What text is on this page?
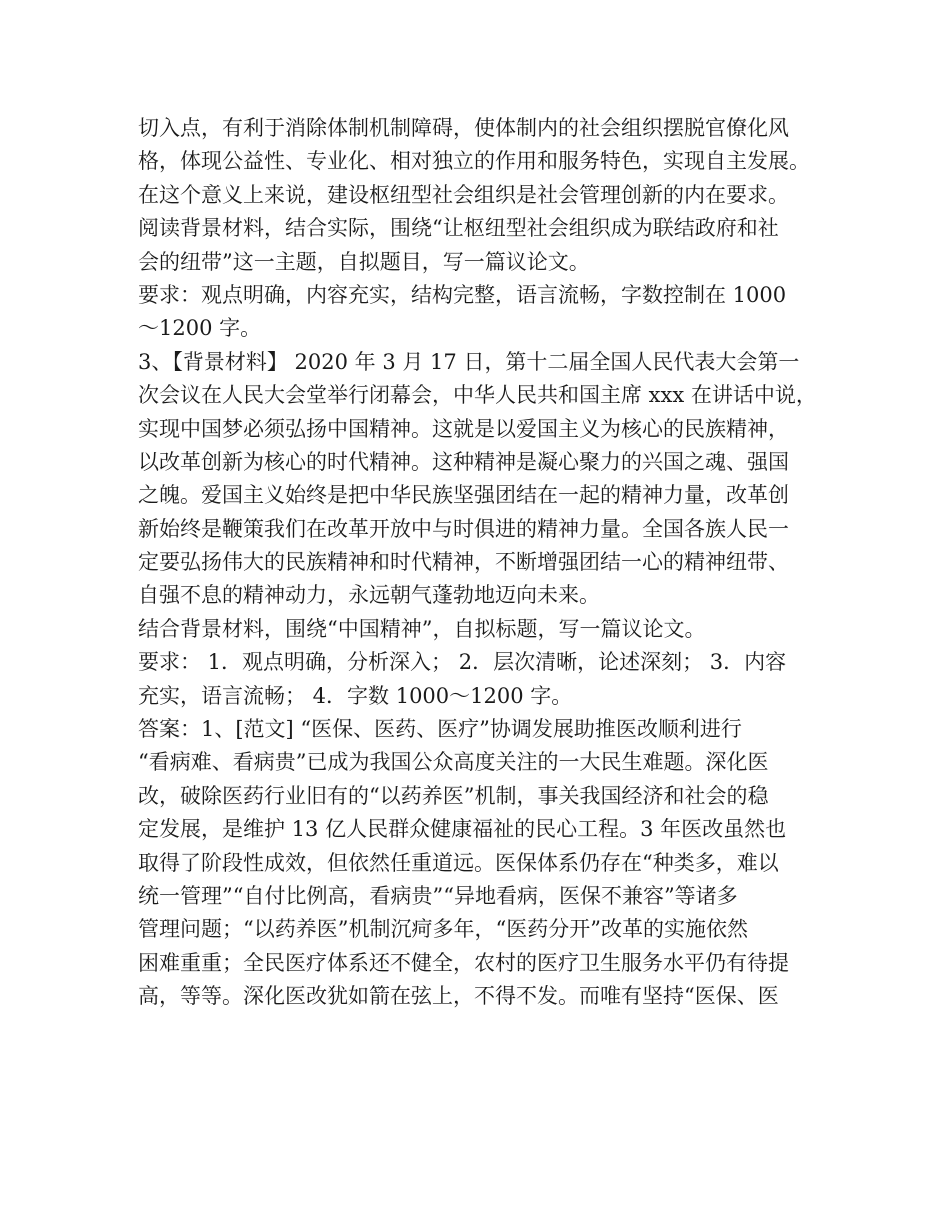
切入点，有利于消除体制机制障碍，使体制内的社会组织摆脱官僚化风
格，体现公益性、专业化、相对独立的作用和服务特色，实现自主发展。
在这个意义上来说，建设枢纽型社会组织是社会管理创新的内在要求。
阅读背景材料，结合实际，围绕“让枢纽型社会组织成为联结政府和社
会的纽带”这一主题，自拟题目，写一篇议论文。
要求：观点明确，内容充实，结构完整，语言流畅，字数控制在 1000
～1200 字。
3、【背景材料】 2020 年 3 月 17 日，第十二届全国人民代表大会第一
次会议在人民大会堂举行闭幕会，中华人民共和国主席 xxx 在讲话中说，
实现中国梦必须弘扬中国精神。这就是以爱国主义为核心的民族精神，
以改革创新为核心的时代精神。这种精神是凝心聚力的兴国之魂、强国
之魄。爱国主义始终是把中华民族坚强团结在一起的精神力量，改革创
新始终是鞭策我们在改革开放中与时俱进的精神力量。全国各族人民一
定要弘扬伟大的民族精神和时代精神，不断增强团结一心的精神纽带、
自强不息的精神动力，永远朝气蓬勃地迈向未来。
结合背景材料，围绕“中国精神”，自拟标题，写一篇议论文。
要求： 1．观点明确，分析深入； 2．层次清晰，论述深刻； 3．内容
充实，语言流畅； 4．字数 1000～1200 字。
答案：1、[范文] “医保、医药、医疗”协调发展助推医改顺利进行
“看病难、看病贵”已成为我国公众高度关注的一大民生难题。深化医
改，破除医药行业旧有的“以药养医”机制，事关我国经济和社会的稳
定发展，是维护 13 亿人民群众健康福祉的民心工程。3 年医改虽然也
取得了阶段性成效，但依然任重道远。医保体系仍存在“种类多，难以
统一管理”“自付比例高，看病贵”“异地看病，医保不兼容”等诸多
管理问题；“以药养医”机制沉疴多年，“医药分开”改革的实施依然
困难重重；全民医疗体系还不健全，农村的医疗卫生服务水平仍有待提
高，等等。深化医改犹如箭在弦上，不得不发。而唯有坚持“医保、医
